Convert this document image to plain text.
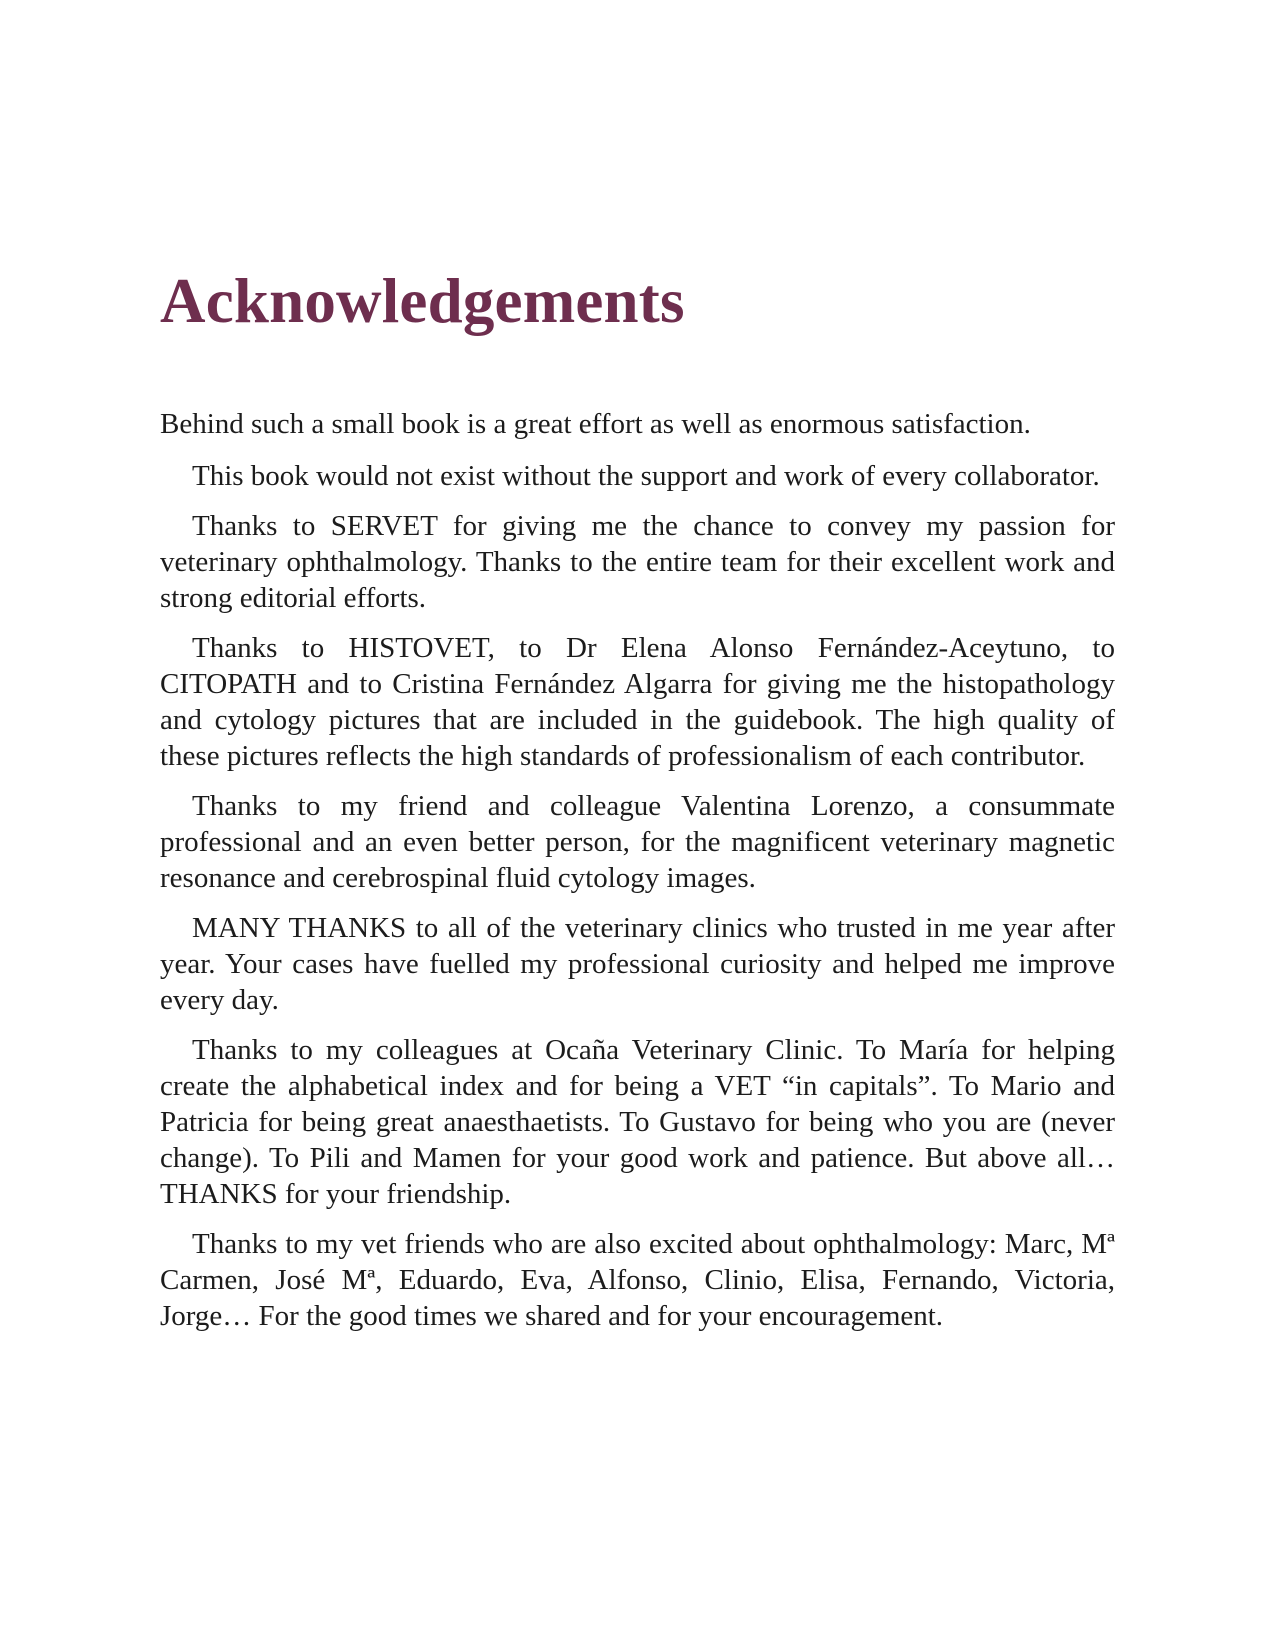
Acknowledgements

Behind such a small book is a great effort as well as enormous satisfaction.

This book would not exist without the support and work of every collaborator.

Thanks to SERVET for giving me the chance to convey my passion for veterinary ophthalmology. Thanks to the entire team for their excellent work and strong editorial efforts.

Thanks to HISTOVET, to Dr Elena Alonso Fernández-Aceytuno, to CITOPATH and to Cristina Fernández Algarra for giving me the histopathology and cytology pictures that are included in the guidebook. The high quality of these pictures reflects the high standards of professionalism of each contributor.

Thanks to my friend and colleague Valentina Lorenzo, a consummate professional and an even better person, for the magnificent veterinary magnetic resonance and cerebrospinal fluid cytology images.

MANY THANKS to all of the veterinary clinics who trusted in me year after year. Your cases have fuelled my professional curiosity and helped me improve every day.

Thanks to my colleagues at Ocaña Veterinary Clinic. To María for helping create the alphabetical index and for being a VET “in capitals”. To Mario and Patricia for being great anaesthaetists. To Gustavo for being who you are (never change). To Pili and Mamen for your good work and patience. But above all… THANKS for your friendship.

Thanks to my vet friends who are also excited about ophthalmology: Marc, Mª Carmen, José Mª, Eduardo, Eva, Alfonso, Clinio, Elisa, Fernando, Victoria, Jorge… For the good times we shared and for your encouragement.
